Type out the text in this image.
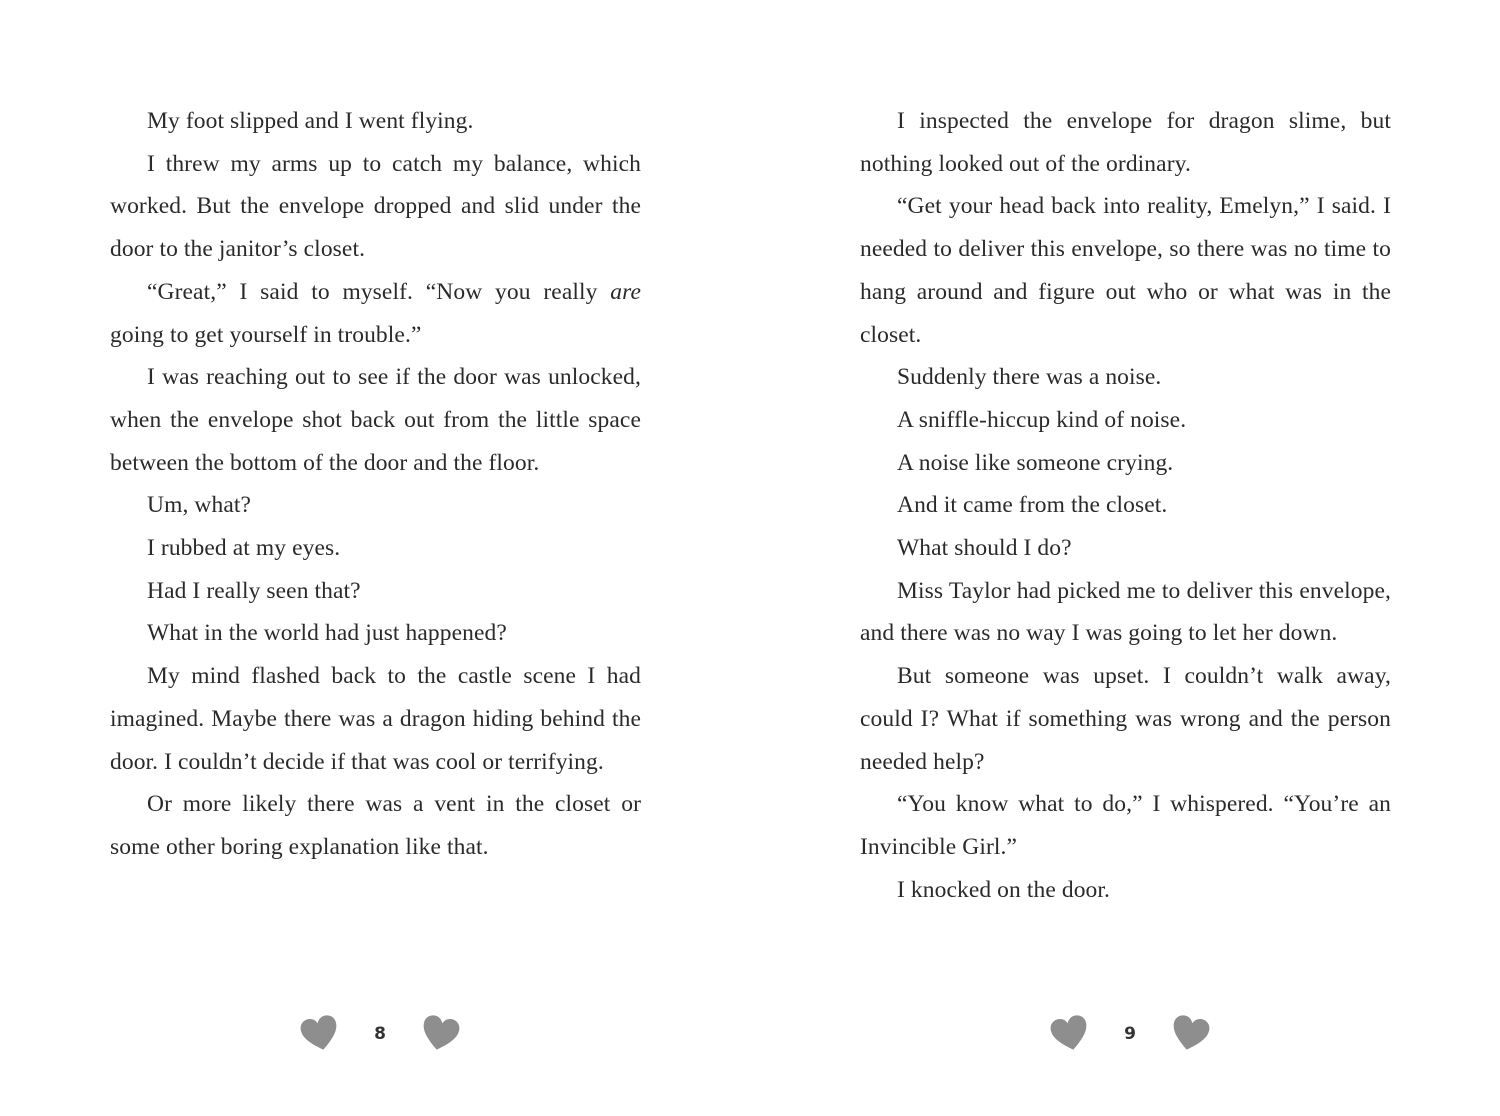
My foot slipped and I went flying.

I threw my arms up to catch my balance, which worked. But the envelope dropped and slid under the door to the janitor’s closet.

“Great,” I said to myself. “Now you really are going to get yourself in trouble.”

I was reaching out to see if the door was unlocked, when the envelope shot back out from the little space between the bottom of the door and the floor.

Um, what?

I rubbed at my eyes.

Had I really seen that?

What in the world had just happened?

My mind flashed back to the castle scene I had imagined. Maybe there was a dragon hiding behind the door. I couldn’t decide if that was cool or terrifying.

Or more likely there was a vent in the closet or some other boring explanation like that.

I inspected the envelope for dragon slime, but nothing looked out of the ordinary.

“Get your head back into reality, Emelyn,” I said. I needed to deliver this envelope, so there was no time to hang around and figure out who or what was in the closet.

Suddenly there was a noise.

A sniffle-hiccup kind of noise.

A noise like someone crying.

And it came from the closet.

What should I do?

Miss Taylor had picked me to deliver this envelope, and there was no way I was going to let her down.

But someone was upset. I couldn’t walk away, could I? What if something was wrong and the person needed help?

“You know what to do,” I whispered. “You’re an Invincible Girl.”

I knocked on the door.

8	9
